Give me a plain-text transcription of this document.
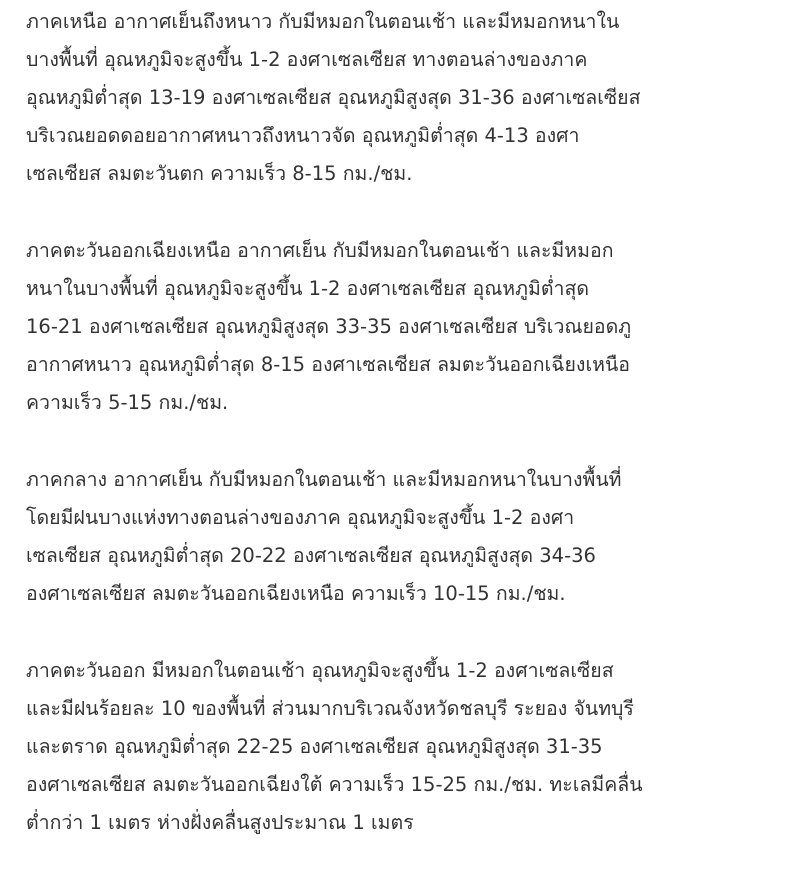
ภาคเหนือ อากาศเย็นถึงหนาว กับมีหมอกในตอนเช้า และมีหมอกหนาใน
บางพื้นที่ อุณหภูมิจะสูงขึ้น 1-2 องศาเซลเซียส ทางตอนล่างของภาค
อุณหภูมิต่ำสุด 13-19 องศาเซลเซียส อุณหภูมิสูงสุด 31-36 องศาเซลเซียส
บริเวณยอดดอยอากาศหนาวถึงหนาวจัด อุณหภูมิต่ำสุด 4-13 องศา
เซลเซียส ลมตะวันตก ความเร็ว 8-15 กม./ชม.

ภาคตะวันออกเฉียงเหนือ อากาศเย็น กับมีหมอกในตอนเช้า และมีหมอก
หนาในบางพื้นที่ อุณหภูมิจะสูงขึ้น 1-2 องศาเซลเซียส อุณหภูมิต่ำสุด
16-21 องศาเซลเซียส อุณหภูมิสูงสุด 33-35 องศาเซลเซียส บริเวณยอดภู
อากาศหนาว อุณหภูมิต่ำสุด 8-15 องศาเซลเซียส ลมตะวันออกเฉียงเหนือ
ความเร็ว 5-15 กม./ชม.

ภาคกลาง อากาศเย็น กับมีหมอกในตอนเช้า และมีหมอกหนาในบางพื้นที่
โดยมีฝนบางแห่งทางตอนล่างของภาค อุณหภูมิจะสูงขึ้น 1-2 องศา
เซลเซียส อุณหภูมิต่ำสุด 20-22 องศาเซลเซียส อุณหภูมิสูงสุด 34-36
องศาเซลเซียส ลมตะวันออกเฉียงเหนือ ความเร็ว 10-15 กม./ชม.

ภาคตะวันออก มีหมอกในตอนเช้า อุณหภูมิจะสูงขึ้น 1-2 องศาเซลเซียส
และมีฝนร้อยละ 10 ของพื้นที่ ส่วนมากบริเวณจังหวัดชลบุรี ระยอง จันทบุรี
และตราด อุณหภูมิต่ำสุด 22-25 องศาเซลเซียส อุณหภูมิสูงสุด 31-35
องศาเซลเซียส ลมตะวันออกเฉียงใต้ ความเร็ว 15-25 กม./ชม. ทะเลมีคลื่น
ต่ำกว่า 1 เมตร ห่างฝั่งคลื่นสูงประมาณ 1 เมตร
